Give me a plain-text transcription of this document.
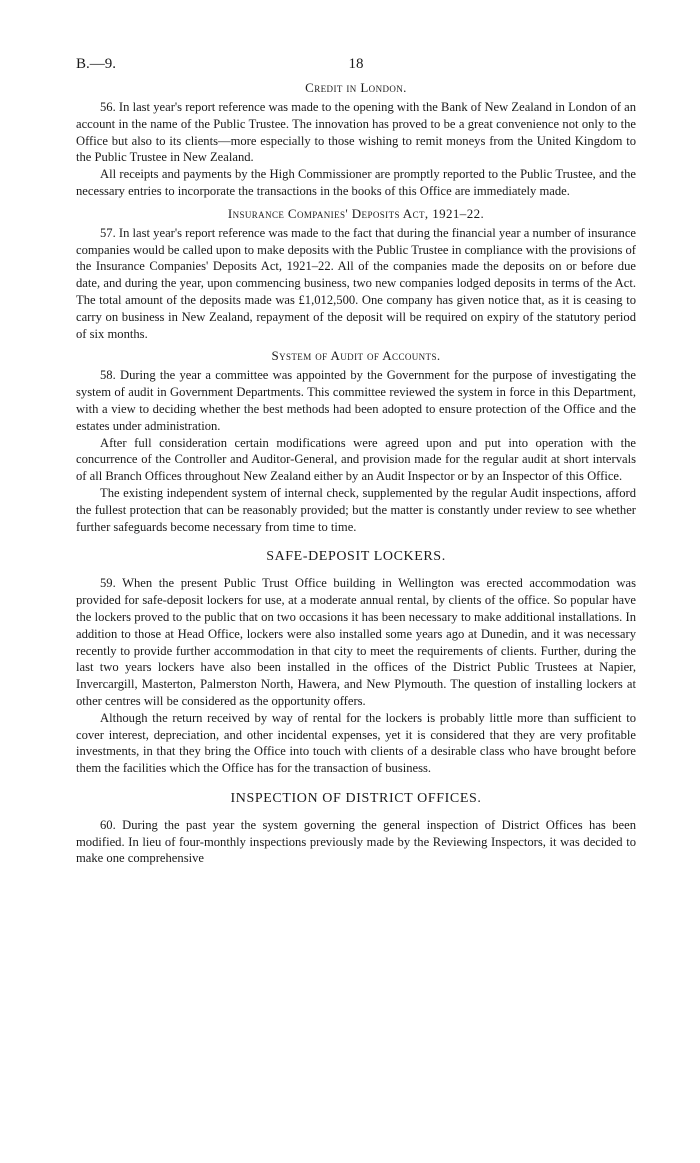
B.—9.	18
Credit in London.

56. In last year's report reference was made to the opening with the Bank of New Zealand in London of an account in the name of the Public Trustee. The innovation has proved to be a great convenience not only to the Office but also to its clients—more especially to those wishing to remit moneys from the United Kingdom to the Public Trustee in New Zealand.

All receipts and payments by the High Commissioner are promptly reported to the Public Trustee, and the necessary entries to incorporate the transactions in the books of this Office are immediately made.

Insurance Companies' Deposits Act, 1921–22.

57. In last year's report reference was made to the fact that during the financial year a number of insurance companies would be called upon to make deposits with the Public Trustee in compliance with the provisions of the Insurance Companies' Deposits Act, 1921–22. All of the companies made the deposits on or before due date, and during the year, upon commencing business, two new companies lodged deposits in terms of the Act. The total amount of the deposits made was £1,012,500. One company has given notice that, as it is ceasing to carry on business in New Zealand, repayment of the deposit will be required on expiry of the statutory period of six months.

System of Audit of Accounts.

58. During the year a committee was appointed by the Government for the purpose of investigating the system of audit in Government Departments. This committee reviewed the system in force in this Department, with a view to deciding whether the best methods had been adopted to ensure protection of the Office and the estates under administration.

After full consideration certain modifications were agreed upon and put into operation with the concurrence of the Controller and Auditor-General, and provision made for the regular audit at short intervals of all Branch Offices throughout New Zealand either by an Audit Inspector or by an Inspector of this Office.

The existing independent system of internal check, supplemented by the regular Audit inspections, afford the fullest protection that can be reasonably provided; but the matter is constantly under review to see whether further safeguards become necessary from time to time.

SAFE-DEPOSIT LOCKERS.

59. When the present Public Trust Office building in Wellington was erected accommodation was provided for safe-deposit lockers for use, at a moderate annual rental, by clients of the office. So popular have the lockers proved to the public that on two occasions it has been necessary to make additional installations. In addition to those at Head Office, lockers were also installed some years ago at Dunedin, and it was necessary recently to provide further accommodation in that city to meet the requirements of clients. Further, during the last two years lockers have also been installed in the offices of the District Public Trustees at Napier, Invercargill, Masterton, Palmerston North, Hawera, and New Plymouth. The question of installing lockers at other centres will be considered as the opportunity offers.

Although the return received by way of rental for the lockers is probably little more than sufficient to cover interest, depreciation, and other incidental expenses, yet it is considered that they are very profitable investments, in that they bring the Office into touch with clients of a desirable class who have brought before them the facilities which the Office has for the transaction of business.

INSPECTION OF DISTRICT OFFICES.

60. During the past year the system governing the general inspection of District Offices has been modified. In lieu of four-monthly inspections previously made by the Reviewing Inspectors, it was decided to make one comprehensive
